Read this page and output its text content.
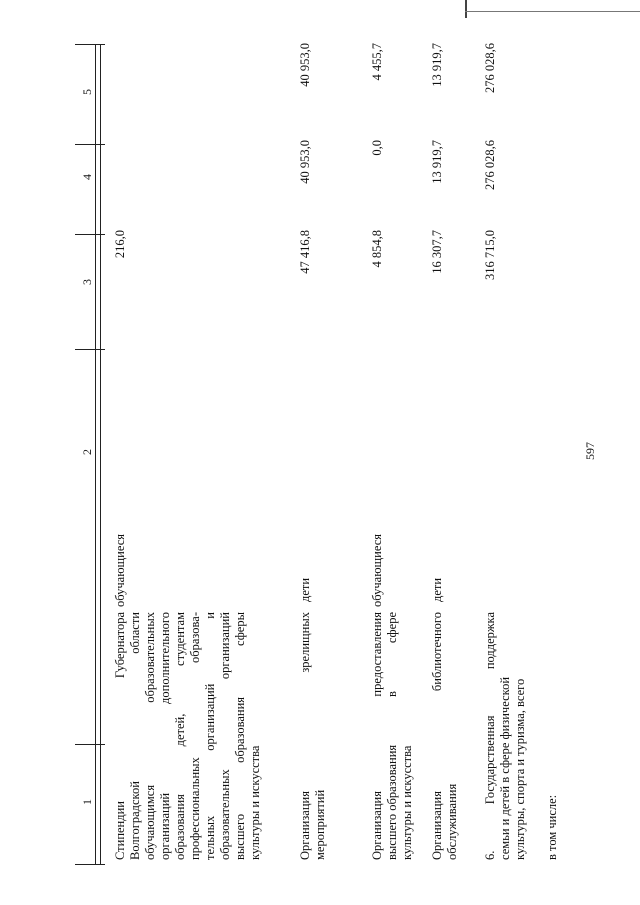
597
в том числе:
1
2
3
4
5
Стипендии
Губернатора
Волгоградской
области
обучающимся
образовательных
организаций
дополнительного
образования
детей,
студентам
профессиональных
образова-
тельных
организаций
и
образовательных
организаций
высшего
образования
сферы
культуры и искусства
обучающиеся
216,0
Организация
зрелищных
мероприятий
дети
47 416,8
40 953,0
40 953,0
Организация
предоставления
высшего образования
в
сфере
культуры и искусства
обучающиеся
4 854,8
0,0
4 455,7
Организация
библиотечного
обслуживания
дети
16 307,7
13 919,7
13 919,7
6.
Государственная
поддержка
семьи и детей в сфере физической культуры, спорта и туризма, всего
316 715,0
276 028,6
276 028,6
